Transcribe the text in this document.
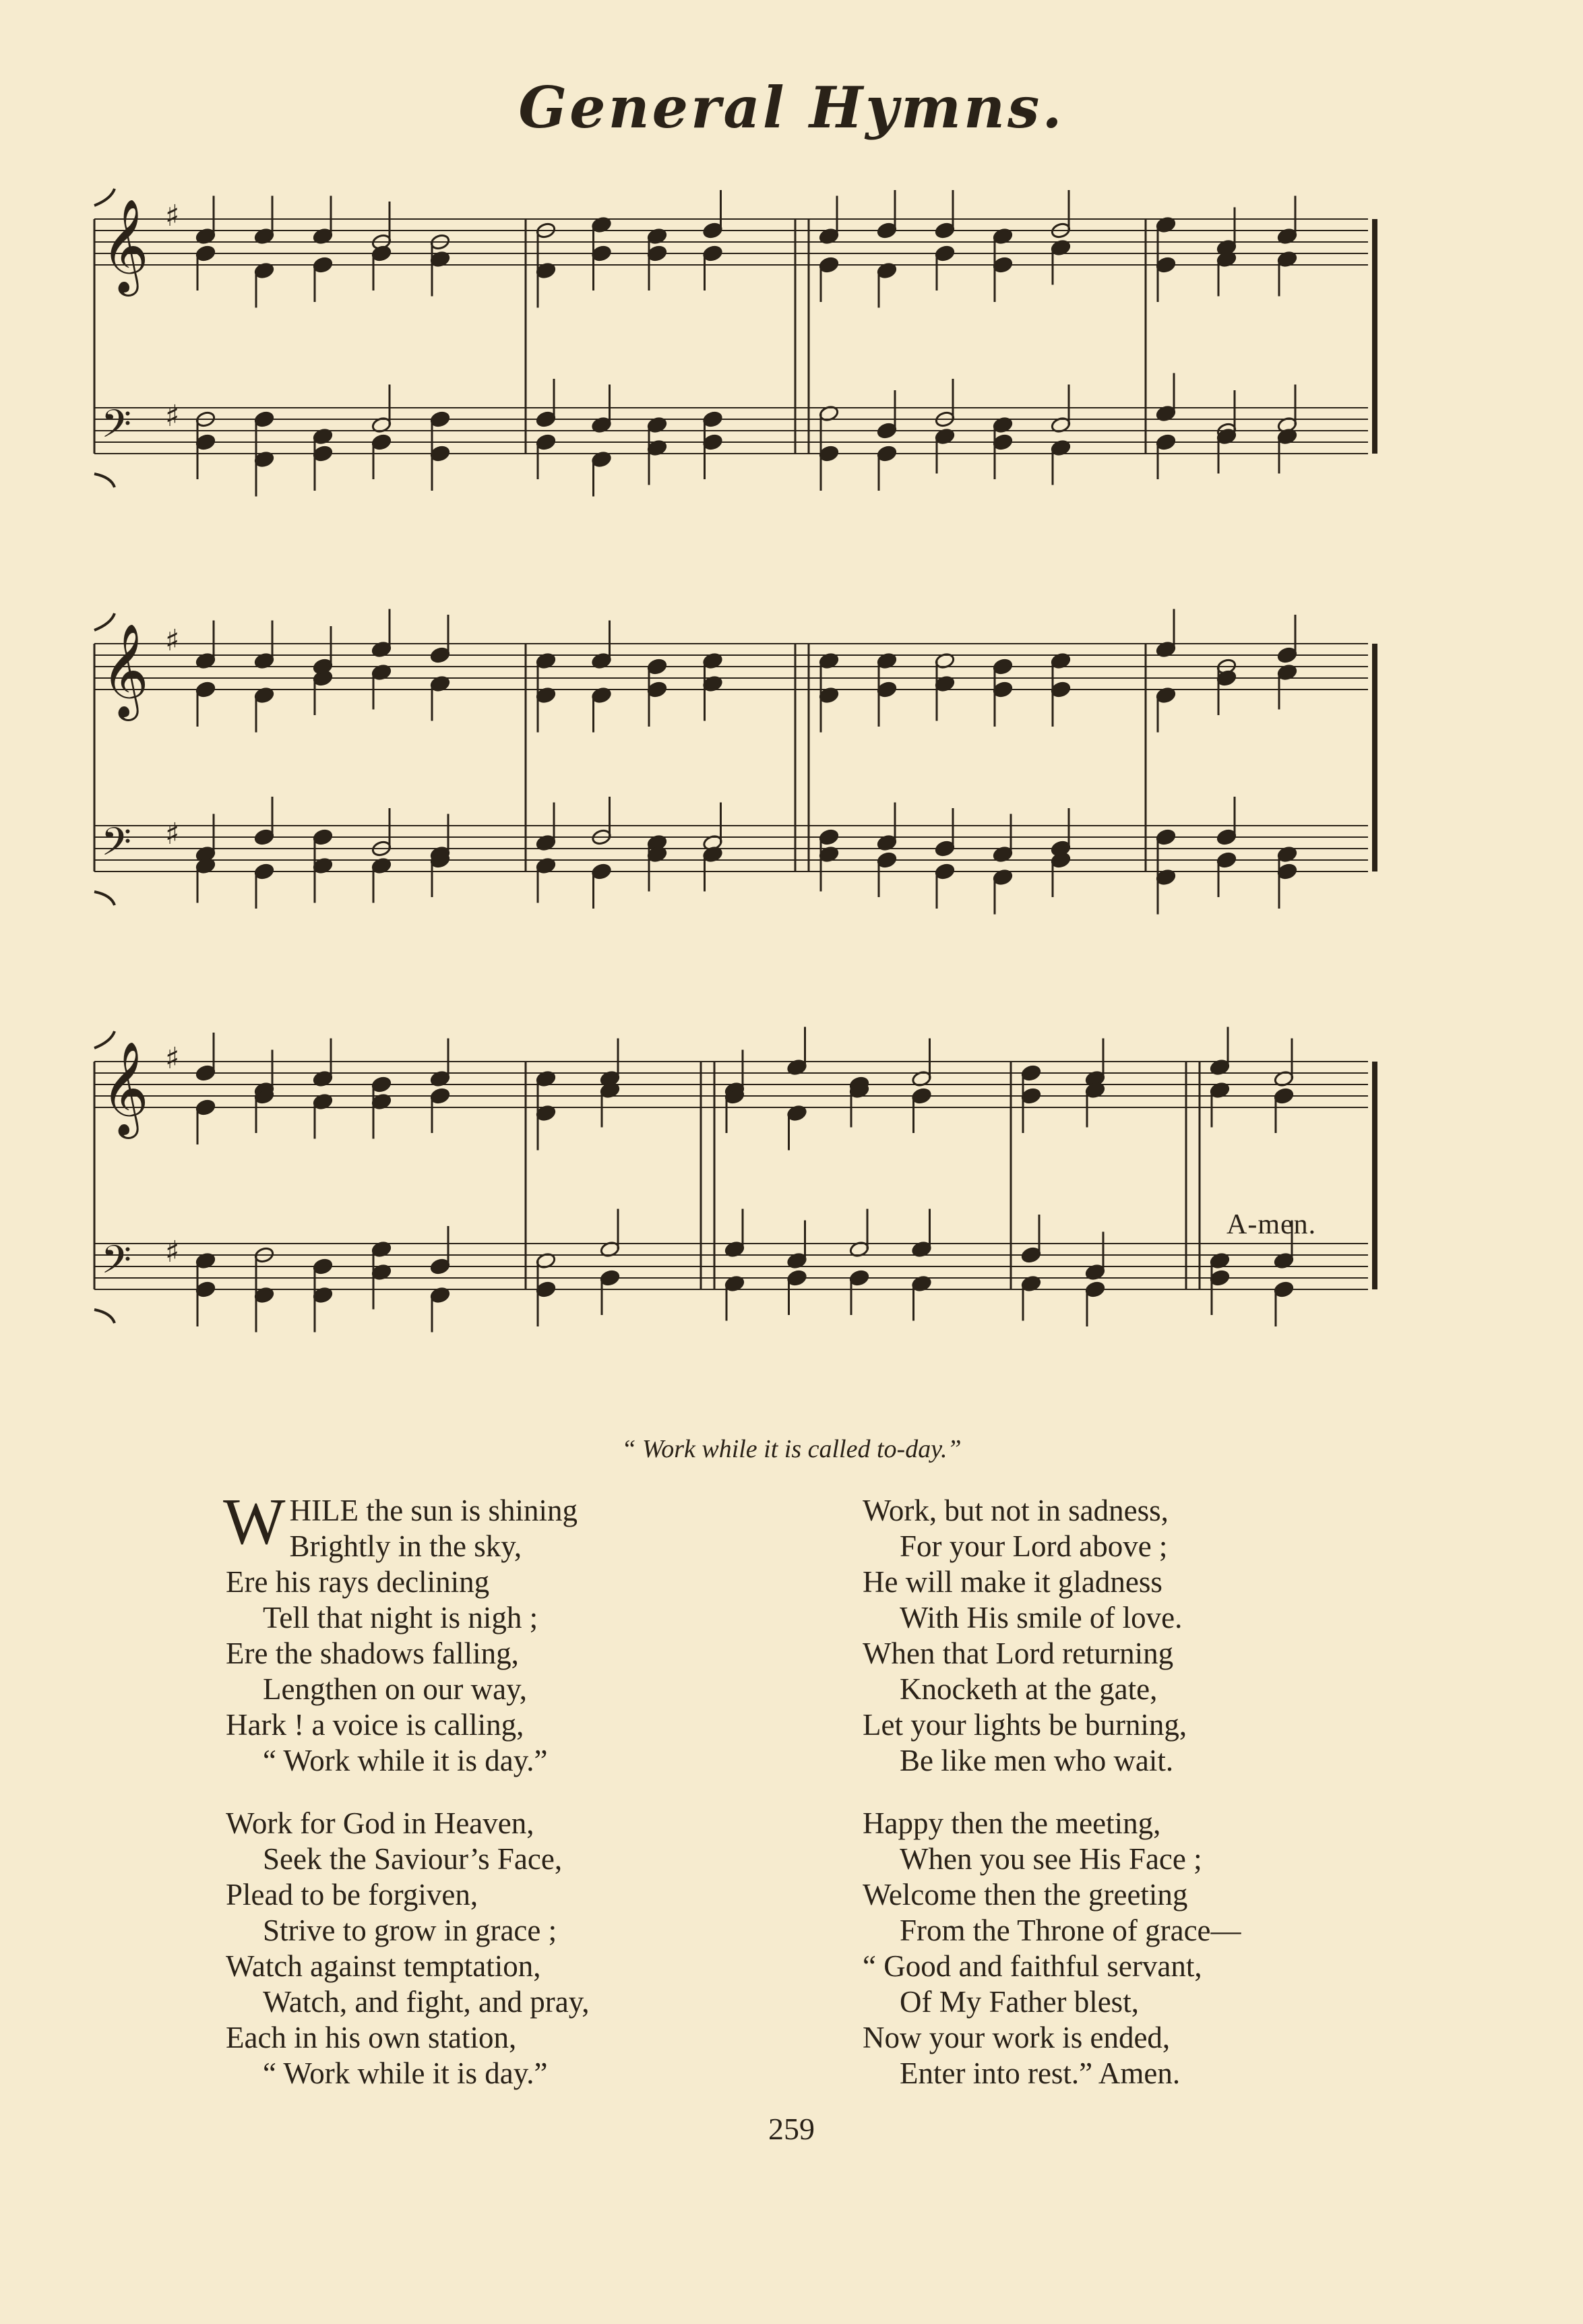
General Hymns.
𝄞 ♯
𝄢 ♯
𝄞 ♯
𝄢 ♯
𝄞 ♯
𝄢 ♯
A-men.
“ Work while it is called to-day.”
WHILE the sun is shining
Brightly in the sky,
Ere his rays declining
Tell that night is nigh ;
Ere the shadows falling,
Lengthen on our way,
Hark ! a voice is calling,
“ Work while it is day.”
Work for God in Heaven,
Seek the Saviour’s Face,
Plead to be forgiven,
Strive to grow in grace ;
Watch against temptation,
Watch, and fight, and pray,
Each in his own station,
“ Work while it is day.”
Work, but not in sadness,
For your Lord above ;
He will make it gladness
With His smile of love.
When that Lord returning
Knocketh at the gate,
Let your lights be burning,
Be like men who wait.
Happy then the meeting,
When you see His Face ;
Welcome then the greeting
From the Throne of grace—
“ Good and faithful servant,
Of My Father blest,
Now your work is ended,
Enter into rest.” Amen.
259
